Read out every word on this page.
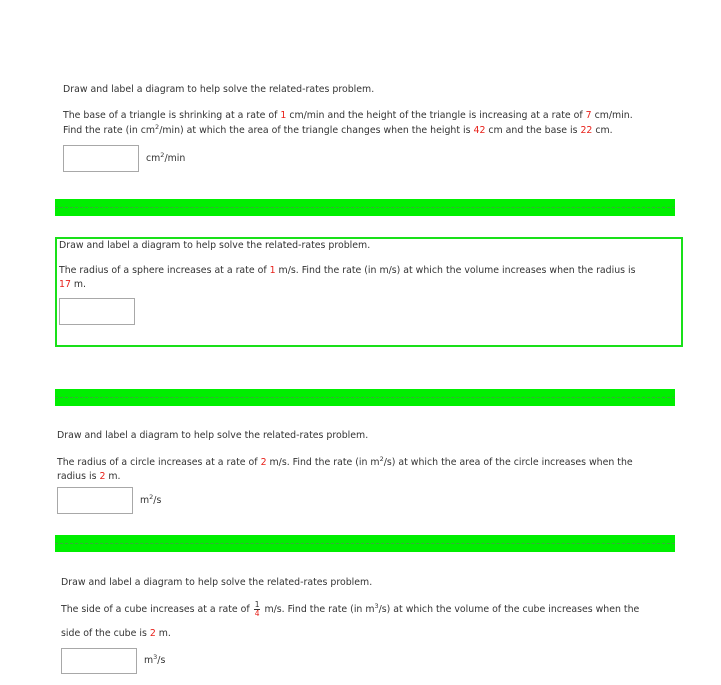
Draw and label a diagram to help solve the related-rates problem.
The base of a triangle is shrinking at a rate of 1 cm/min and the height of the triangle is increasing at a rate of 7 cm/min.
Find the rate (in $cm^2/\min$) at which the area of the triangle changes when the height is 42 cm and the base is 22 cm.
$cm^2/\min$
Draw and label a diagram to help solve the related-rates problem.
The radius of a sphere increases at a rate of 1 m/s. Find the rate (in m/s) at which the volume increases when the radius is
17 m.
Draw and label a diagram to help solve the related-rates problem.
The radius of a circle increases at a rate of 2 m/s. Find the rate (in $m^2/s$) at which the area of the circle increases when the
radius is 2 m.
$m^2/s$
Draw and label a diagram to help solve the related-rates problem.
The side of a cube increases at a rate of $\frac{1}{4} m/s$. Find the rate (in $m^3/s$) at which the volume of the cube increases when the
side of the cube is 2 m.
$m^3/s$
